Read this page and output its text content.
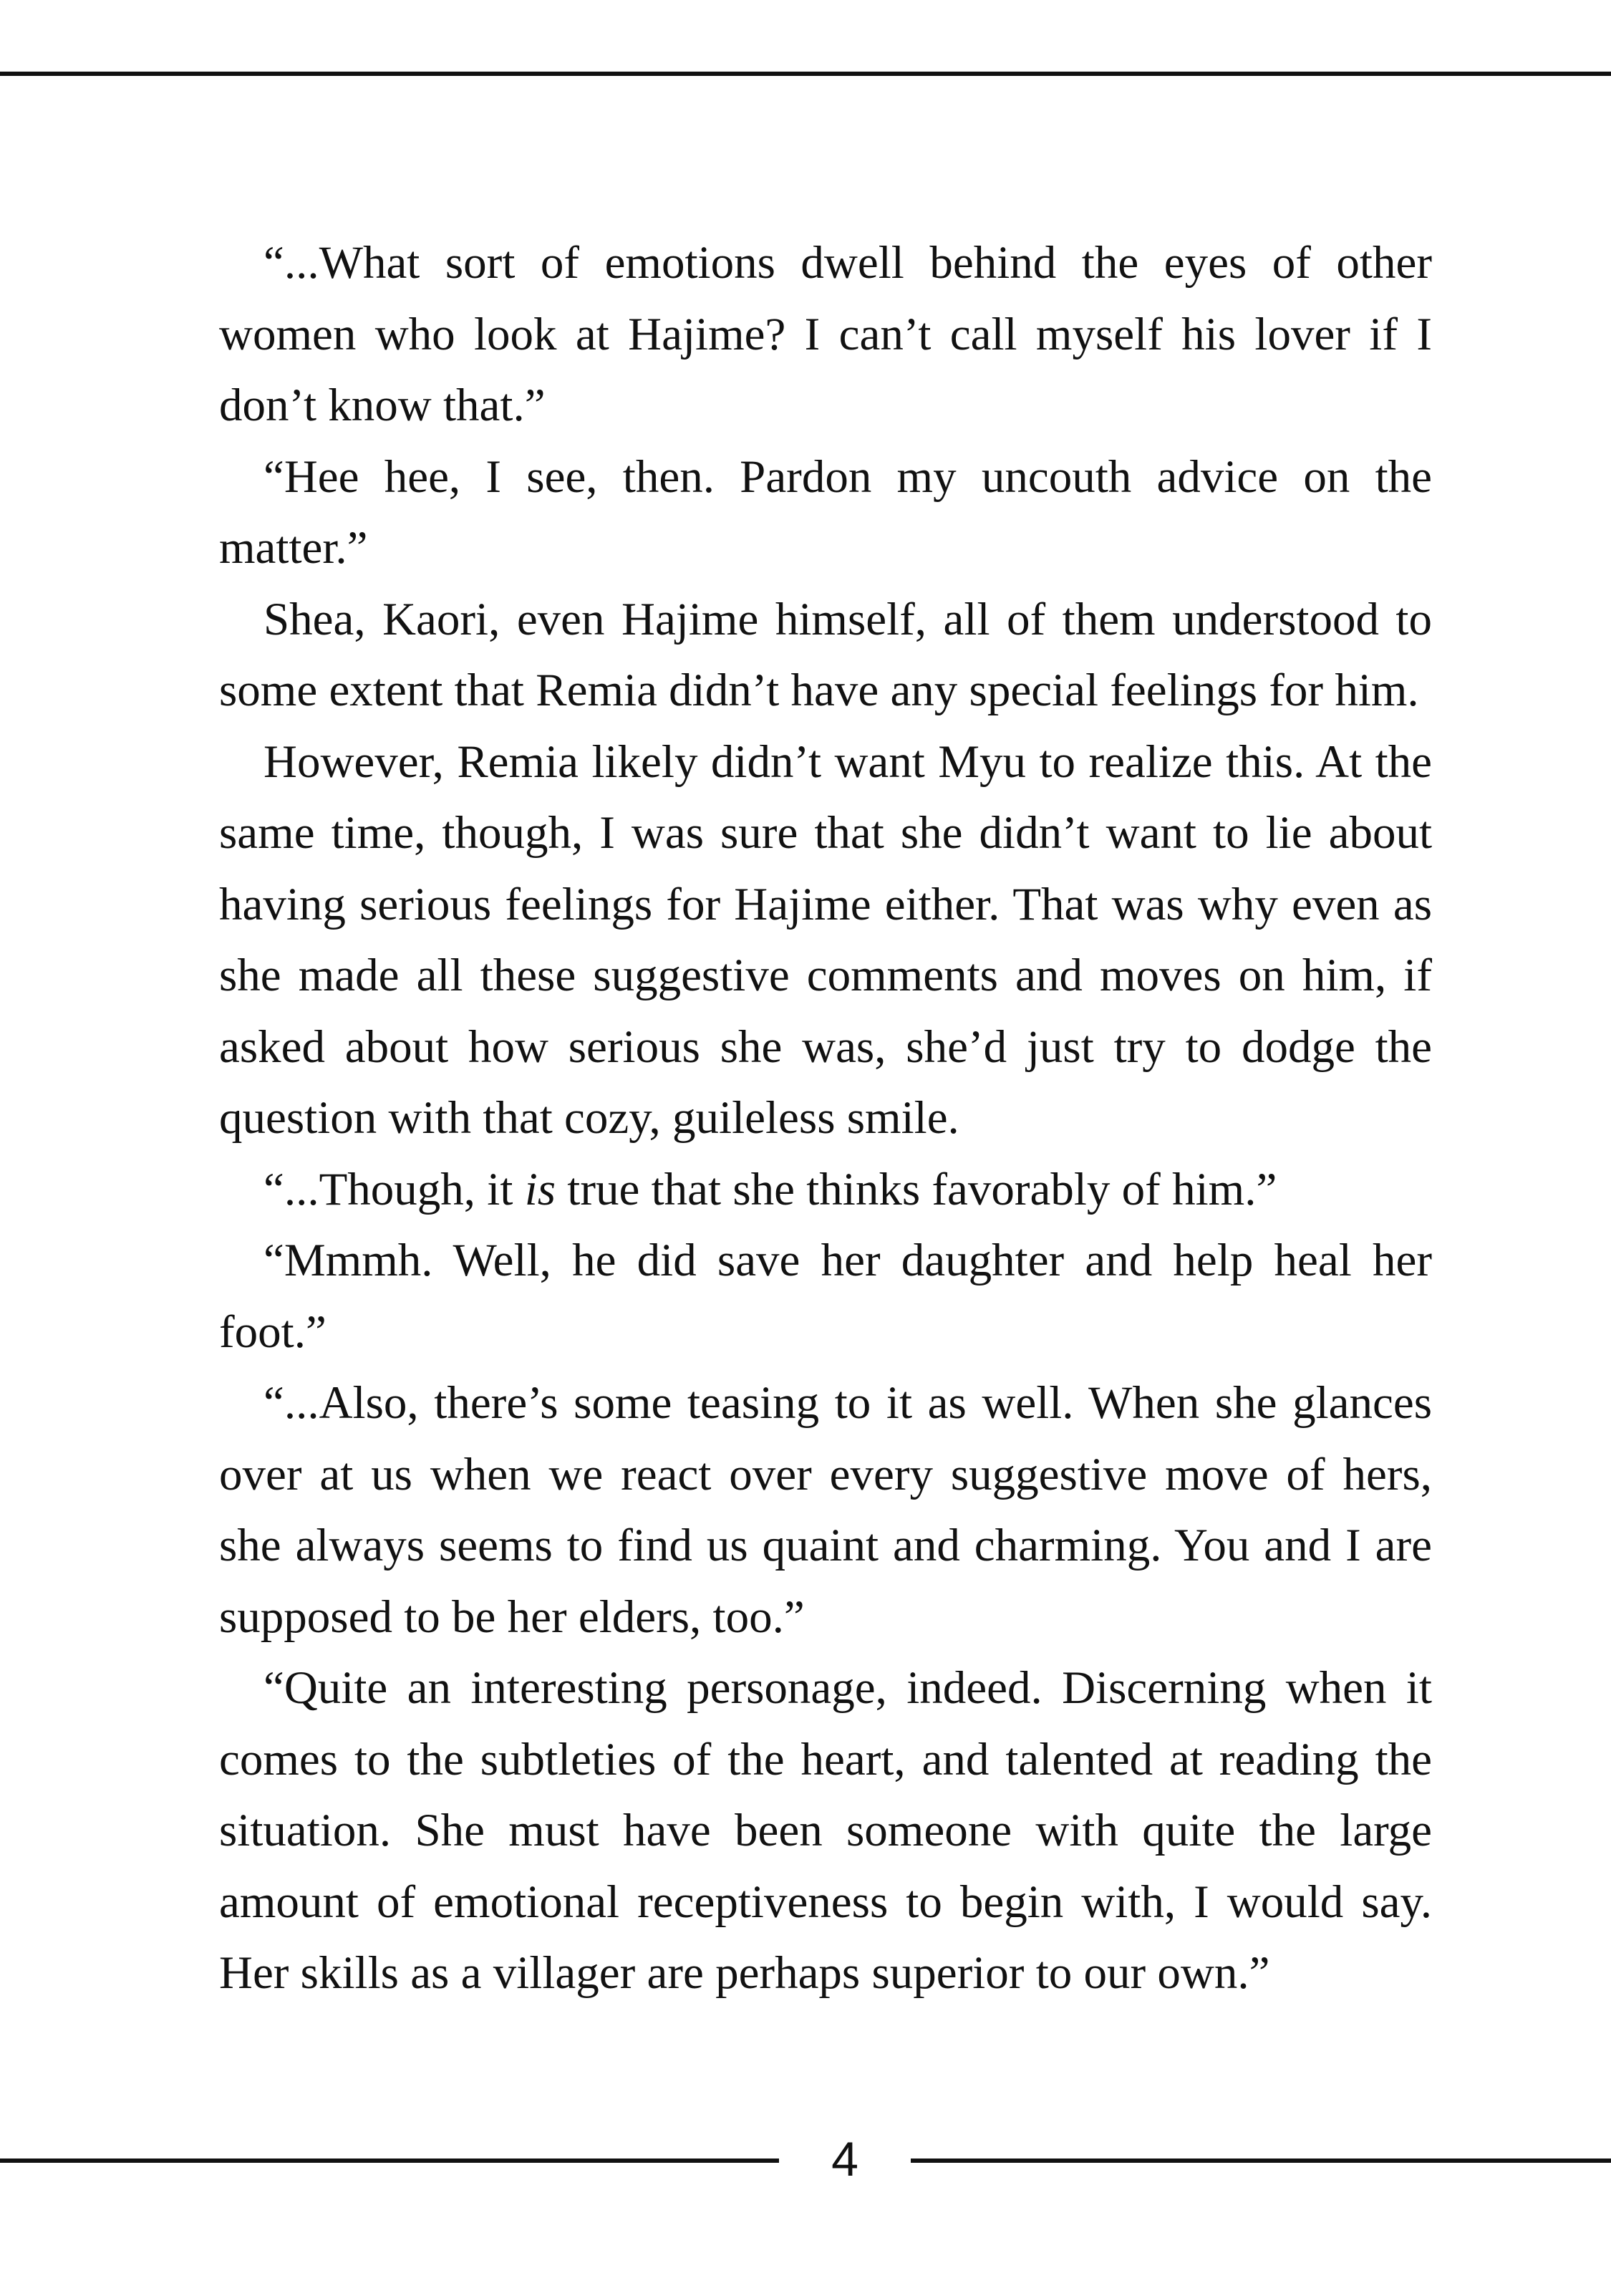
“...What sort of emotions dwell behind the eyes of other women who look at Hajime? I can’t call myself his lover if I don’t know that.”

“Hee hee, I see, then. Pardon my uncouth advice on the matter.”

Shea, Kaori, even Hajime himself, all of them understood to some extent that Remia didn’t have any special feelings for him.

However, Remia likely didn’t want Myu to realize this. At the same time, though, I was sure that she didn’t want to lie about having serious feelings for Hajime either. That was why even as she made all these suggestive comments and moves on him, if asked about how serious she was, she’d just try to dodge the question with that cozy, guileless smile.

“...Though, it is true that she thinks favorably of him.”

“Mmmh. Well, he did save her daughter and help heal her foot.”

“...Also, there’s some teasing to it as well. When she glances over at us when we react over every suggestive move of hers, she always seems to find us quaint and charming. You and I are supposed to be her elders, too.”

“Quite an interesting personage, indeed. Discerning when it comes to the subtleties of the heart, and talented at reading the situation. She must have been someone with quite the large amount of emotional receptiveness to begin with, I would say. Her skills as a villager are perhaps superior to our own.”

4
